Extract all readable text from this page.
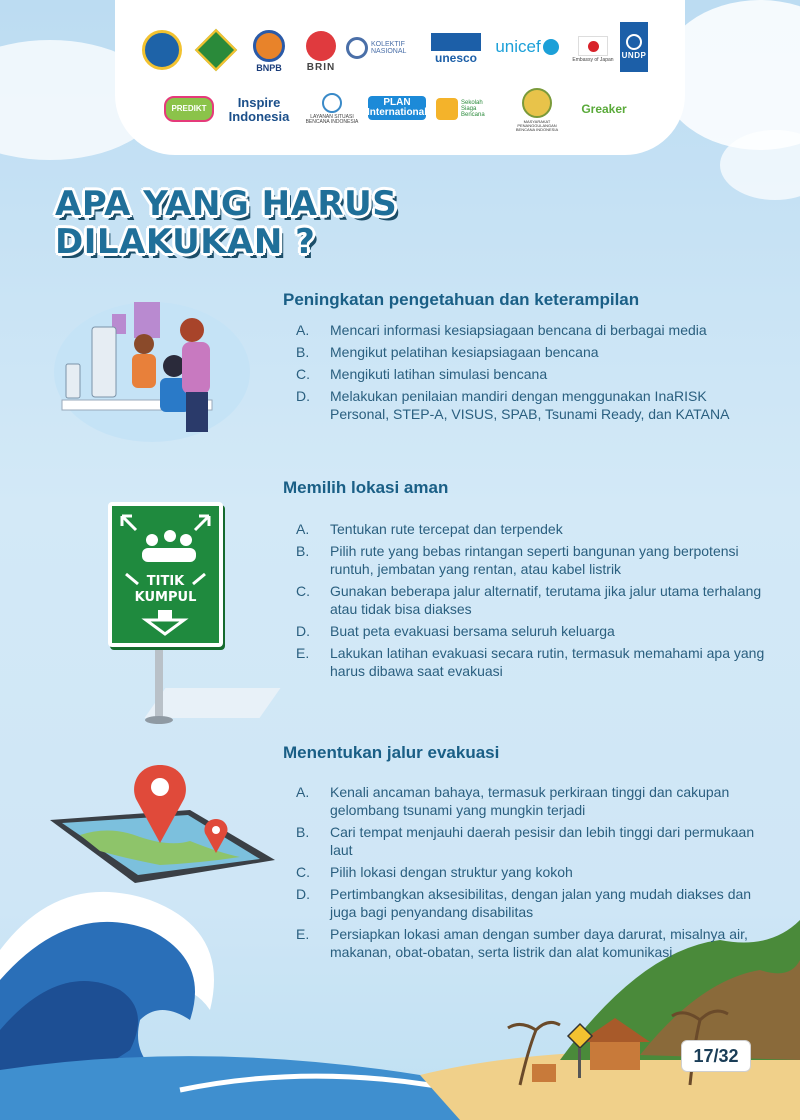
BNPB	BRIN
KOLEKTIF NASIONAL	unesco
unicef
Embassy of Japan
UNDP
PREDIKT	Inspire Indonesia	LAYANAN SITUASI BENCANA INDONESIA
PLAN International
Sekolah Siaga Bencana
MASYARAKAT PENANGGULANGAN BENCANA INDONESIA
Greaker
APA YANG HARUS
DILAKUKAN ?
Peningkatan pengetahuan dan keterampilan
A.	Mencari informasi kesiapsiagaan bencana di berbagai media
B.	Mengikut pelatihan kesiapsiagaan bencana
C.	Mengikuti latihan simulasi bencana
D.	Melakukan penilaian mandiri dengan menggunakan InaRISK Personal, STEP-A, VISUS, SPAB, Tsunami Ready, dan KATANA
TITIK
KUMPUL
Memilih lokasi aman
A.	Tentukan rute tercepat dan terpendek
B.	Pilih rute yang bebas rintangan seperti bangunan yang berpotensi runtuh, jembatan yang rentan, atau kabel listrik
C.	Gunakan beberapa jalur alternatif, terutama jika jalur utama terhalang atau tidak bisa diakses
D.	Buat peta evakuasi bersama seluruh keluarga
E.	Lakukan latihan evakuasi secara rutin, termasuk memahami apa yang harus dibawa saat evakuasi
Menentukan jalur evakuasi
A.	Kenali ancaman bahaya, termasuk perkiraan tinggi dan cakupan gelombang tsunami yang mungkin terjadi
B.	Cari tempat menjauhi daerah pesisir dan lebih tinggi dari permukaan laut
C.	Pilih lokasi dengan struktur yang kokoh
D.	Pertimbangkan aksesibilitas, dengan jalan yang mudah diakses dan juga bagi penyandang disabilitas
E.	Persiapkan lokasi aman dengan sumber daya darurat, misalnya air, makanan, obat-obatan, serta listrik dan alat komunikasi
17/32
